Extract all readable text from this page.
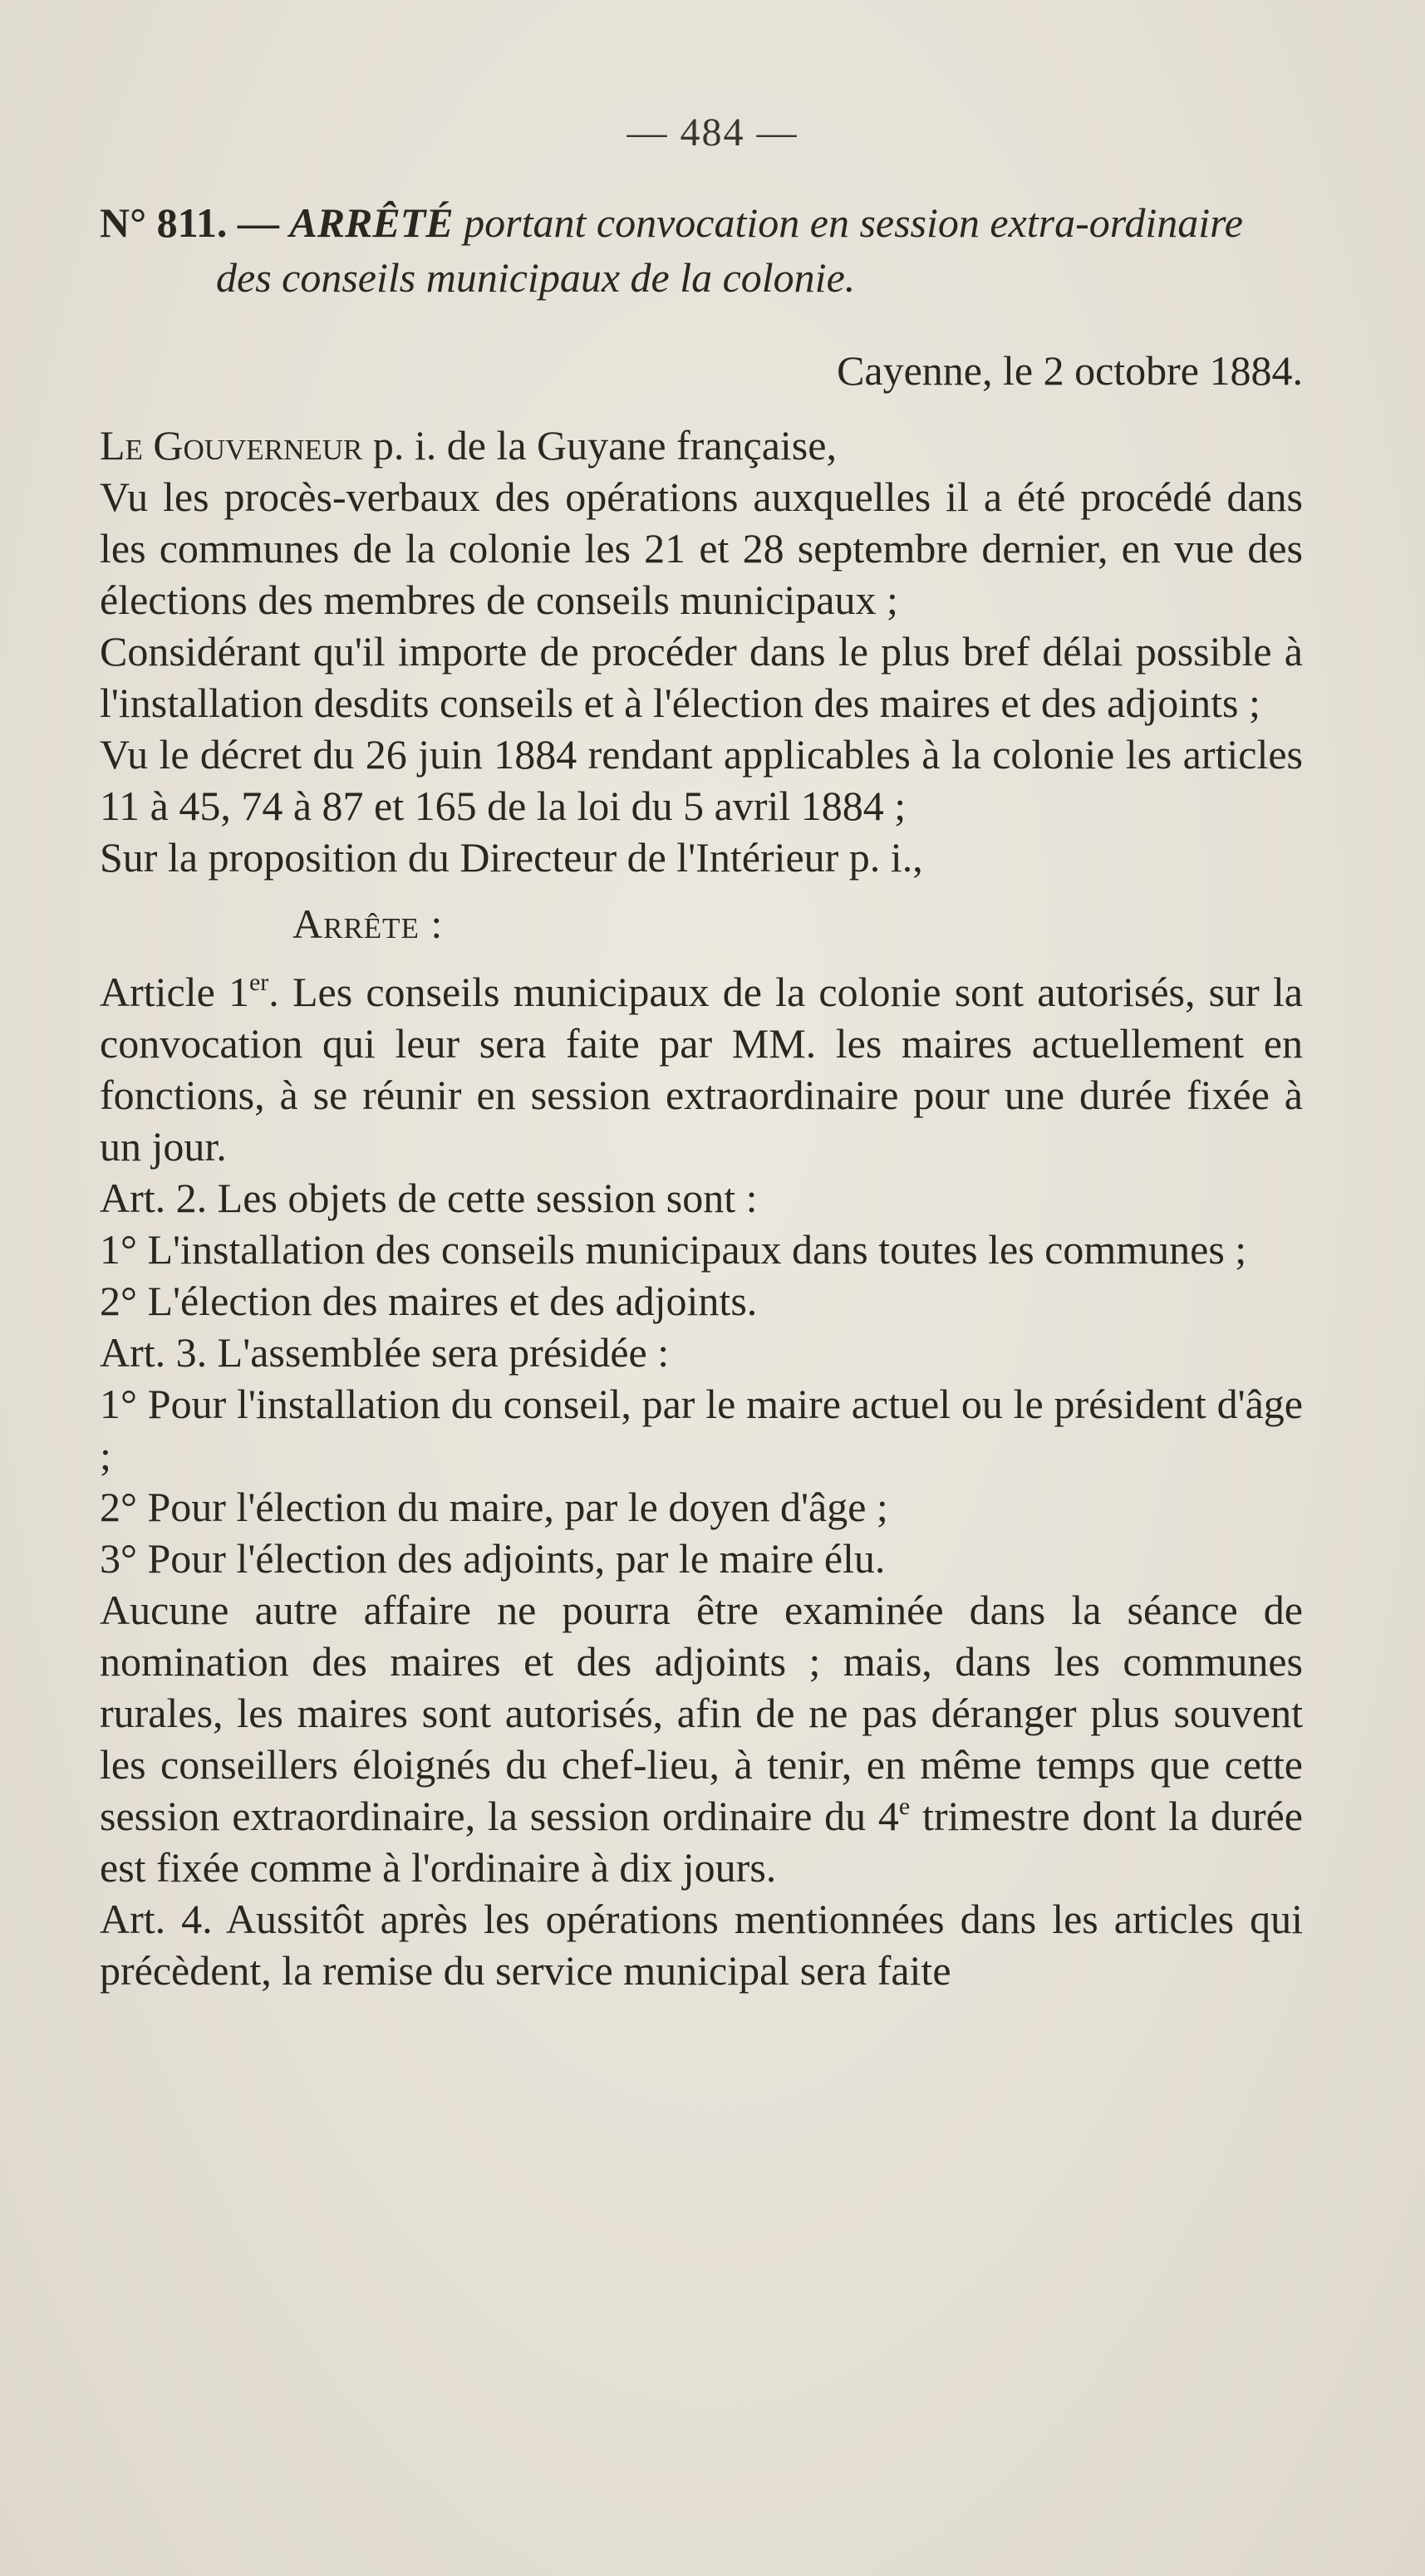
— 484 —

N° 811. — ARRÊTÉ portant convocation en session extra-ordinaire des conseils municipaux de la colonie.

Cayenne, le 2 octobre 1884.
Le Gouverneur p. i. de la Guyane française,

Vu les procès-verbaux des opérations auxquelles il a été procédé dans les communes de la colonie les 21 et 28 septembre dernier, en vue des élections des membres de conseils municipaux ;

Considérant qu'il importe de procéder dans le plus bref délai possible à l'installation desdits conseils et à l'élection des maires et des adjoints ;

Vu le décret du 26 juin 1884 rendant applicables à la colonie les articles 11 à 45, 74 à 87 et 165 de la loi du 5 avril 1884 ;

Sur la proposition du Directeur de l'Intérieur p. i.,

Arrête :

Article 1er. Les conseils municipaux de la colonie sont autorisés, sur la convocation qui leur sera faite par MM. les maires actuellement en fonctions, à se réunir en session extraordinaire pour une durée fixée à un jour.

Art. 2. Les objets de cette session sont :

1° L'installation des conseils municipaux dans toutes les communes ;

2° L'élection des maires et des adjoints.

Art. 3. L'assemblée sera présidée :

1° Pour l'installation du conseil, par le maire actuel ou le président d'âge ;

2° Pour l'élection du maire, par le doyen d'âge ;

3° Pour l'élection des adjoints, par le maire élu.

Aucune autre affaire ne pourra être examinée dans la séance de nomination des maires et des adjoints ; mais, dans les communes rurales, les maires sont autorisés, afin de ne pas déranger plus souvent les conseillers éloignés du chef-lieu, à tenir, en même temps que cette session extraordinaire, la session ordinaire du 4e trimestre dont la durée est fixée comme à l'ordinaire à dix jours.

Art. 4. Aussitôt après les opérations mentionnées dans les articles qui précèdent, la remise du service municipal sera faite
